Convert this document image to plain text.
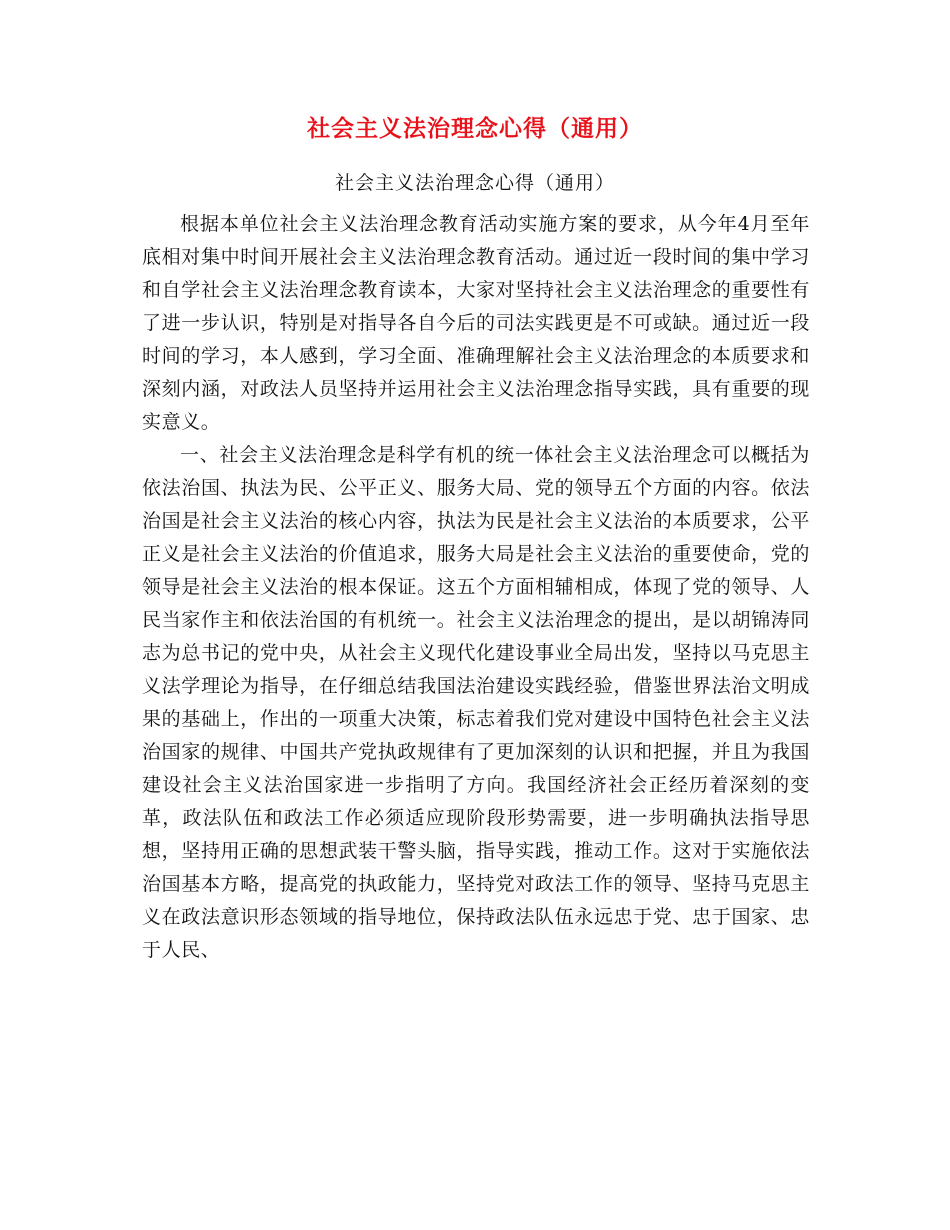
社会主义法治理念心得（通用）
社会主义法治理念心得（通用）

根据本单位社会主义法治理念教育活动实施方案的要求，从今年4月至年底相对集中时间开展社会主义法治理念教育活动。通过近一段时间的集中学习和自学社会主义法治理念教育读本，大家对坚持社会主义法治理念的重要性有了进一步认识，特别是对指导各自今后的司法实践更是不可或缺。通过近一段时间的学习，本人感到，学习全面、准确理解社会主义法治理念的本质要求和深刻内涵，对政法人员坚持并运用社会主义法治理念指导实践，具有重要的现实意义。

一、社会主义法治理念是科学有机的统一体社会主义法治理念可以概括为依法治国、执法为民、公平正义、服务大局、党的领导五个方面的内容。依法治国是社会主义法治的核心内容，执法为民是社会主义法治的本质要求，公平正义是社会主义法治的价值追求，服务大局是社会主义法治的重要使命，党的领导是社会主义法治的根本保证。这五个方面相辅相成，体现了党的领导、人民当家作主和依法治国的有机统一。社会主义法治理念的提出，是以胡锦涛同志为总书记的党中央，从社会主义现代化建设事业全局出发，坚持以马克思主义法学理论为指导，在仔细总结我国法治建设实践经验，借鉴世界法治文明成果的基础上，作出的一项重大决策，标志着我们党对建设中国特色社会主义法治国家的规律、中国共产党执政规律有了更加深刻的认识和把握，并且为我国建设社会主义法治国家进一步指明了方向。我国经济社会正经历着深刻的变革，政法队伍和政法工作必须适应现阶段形势需要，进一步明确执法指导思想，坚持用正确的思想武装干警头脑，指导实践，推动工作。这对于实施依法治国基本方略，提高党的执政能力，坚持党对政法工作的领导、坚持马克思主义在政法意识形态领域的指导地位，保持政法队伍永远忠于党、忠于国家、忠于人民、
